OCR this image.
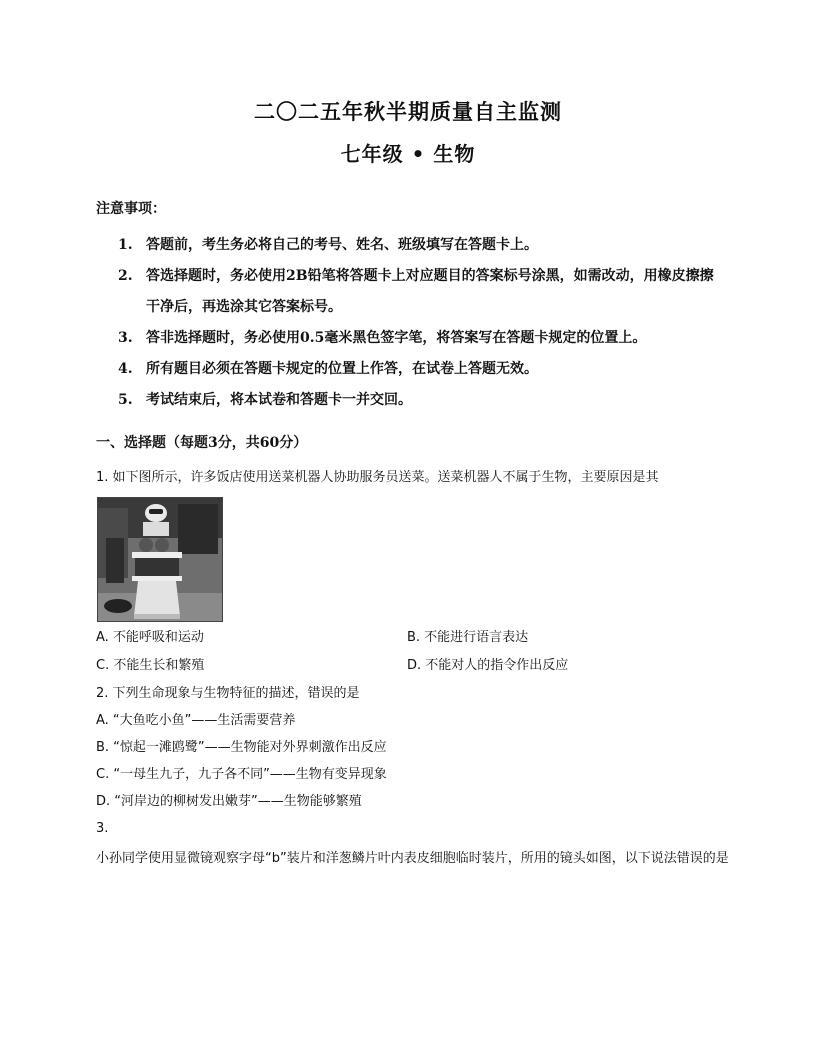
二〇二五年秋半期质量自主监测
七年级 • 生物
注意事项：
1. 答题前，考生务必将自己的考号、姓名、班级填写在答题卡上。
2. 答选择题时，务必使用2B铅笔将答题卡上对应题目的答案标号涂黑，如需改动，用橡皮擦擦干净后，再选涂其它答案标号。
3. 答非选择题时，务必使用0.5毫米黑色签字笔，将答案写在答题卡规定的位置上。
4. 所有题目必须在答题卡规定的位置上作答，在试卷上答题无效。
5. 考试结束后，将本试卷和答题卡一并交回。
一、选择题（每题3分，共60分）
1. 如下图所示，许多饭店使用送菜机器人协助服务员送菜。送菜机器人不属于生物，主要原因是其
A. 不能呼吸和运动	B. 不能进行语言表达
C. 不能生长和繁殖	D. 不能对人的指令作出反应
2. 下列生命现象与生物特征的描述，错误的是
A. “大鱼吃小鱼”——生活需要营养
B. “惊起一滩鸥鹭”——生物能对外界刺激作出反应
C. “一母生九子，九子各不同”——生物有变异现象
D. “河岸边的柳树发出嫩芽”——生物能够繁殖
3.
小孙同学使用显微镜观察字母“b”装片和洋葱鳞片叶内表皮细胞临时装片，所用的镜头如图，以下说法错误的是
